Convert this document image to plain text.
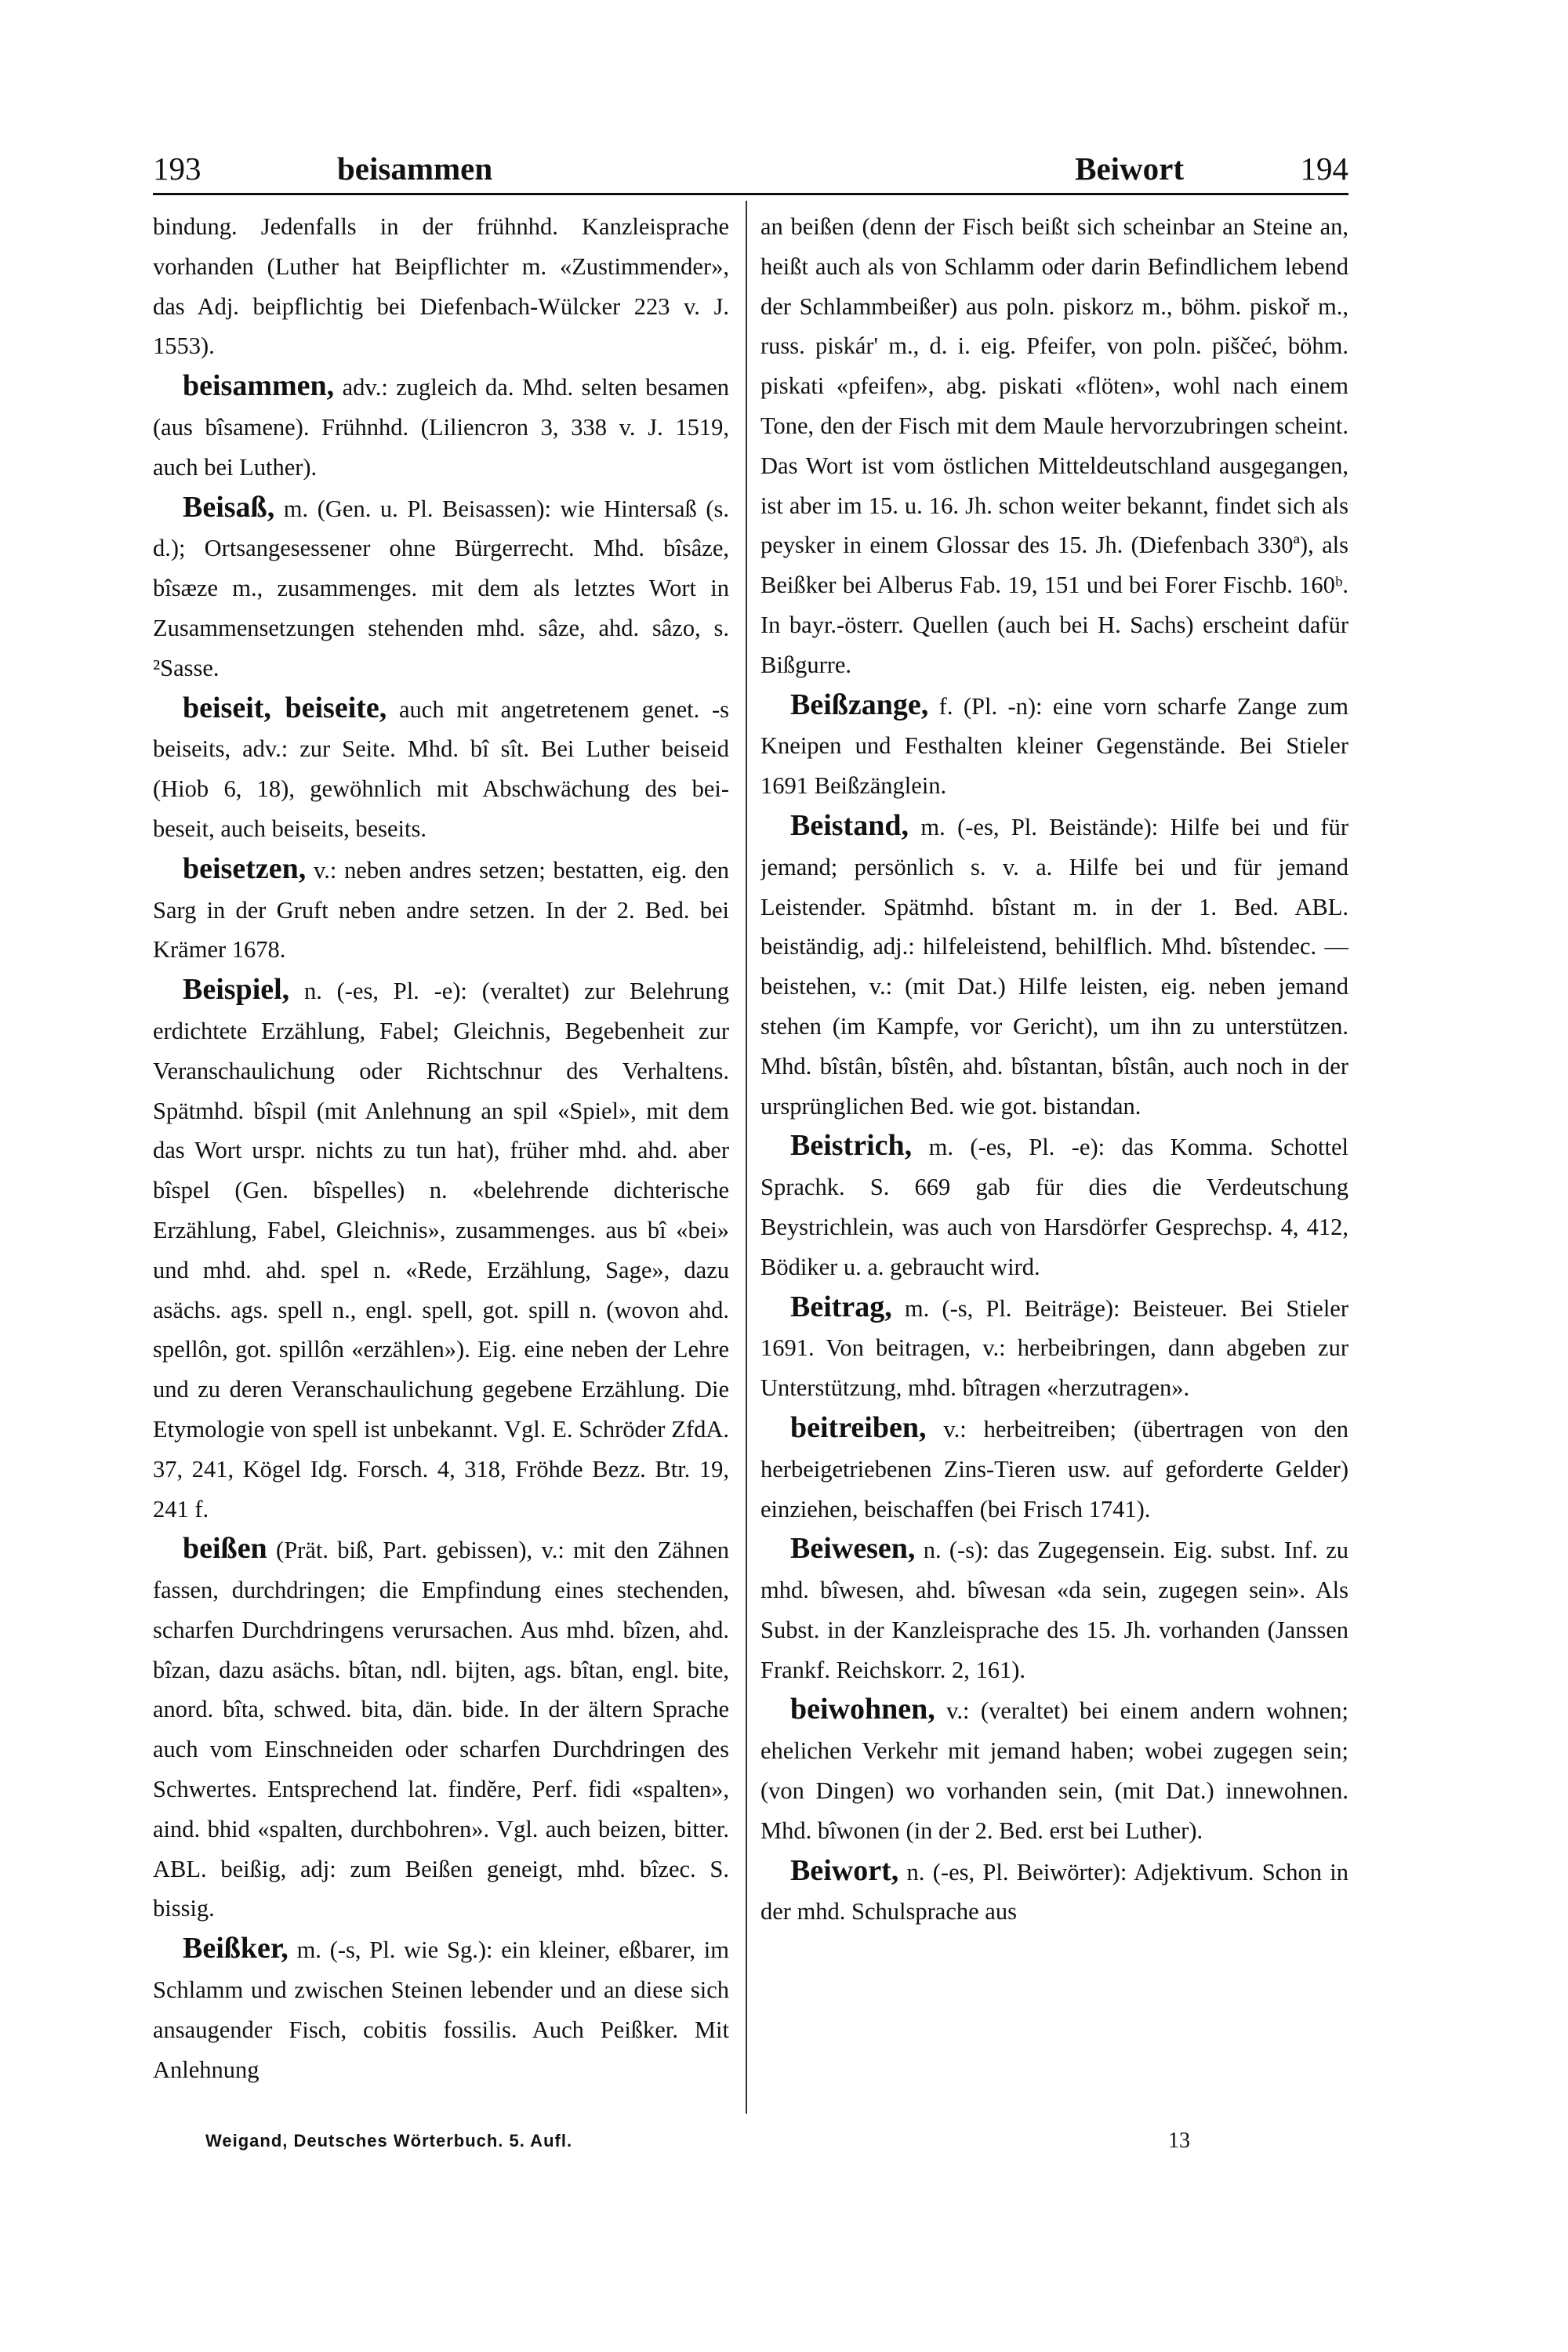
193	beisammen	Beiwort	194

bindung. Jedenfalls in der frühnhd. Kanzleisprache vorhanden (Luther hat Beipflichter m. «Zustimmender», das Adj. beipflichtig bei Diefenbach-Wülcker 223 v. J. 1553).

beisammen, adv.: zugleich da. Mhd. selten besamen (aus bîsamene). Frühnhd. (Liliencron 3, 338 v. J. 1519, auch bei Luther).

Beisaß, m. (Gen. u. Pl. Beisassen): wie Hintersaß (s. d.); Ortsangesessener ohne Bürgerrecht. Mhd. bîsâze, bîsæze m., zusammenges. mit dem als letztes Wort in Zusammensetzungen stehenden mhd. sâze, ahd. sâzo, s. ²Sasse.

beiseit, beiseite, auch mit angetretenem genet. -s beiseits, adv.: zur Seite. Mhd. bî sît. Bei Luther beiseid (Hiob 6, 18), gewöhnlich mit Abschwächung des bei- beseit, auch beiseits, beseits.

beisetzen, v.: neben andres setzen; bestatten, eig. den Sarg in der Gruft neben andre setzen. In der 2. Bed. bei Krämer 1678.

Beispiel, n. (-es, Pl. -e): (veraltet) zur Belehrung erdichtete Erzählung, Fabel; Gleichnis, Begebenheit zur Veranschaulichung oder Richtschnur des Verhaltens. Spätmhd. bîspil (mit Anlehnung an spil «Spiel», mit dem das Wort urspr. nichts zu tun hat), früher mhd. ahd. aber bîspel (Gen. bîspelles) n. «belehrende dichterische Erzählung, Fabel, Gleichnis», zusammenges. aus bî «bei» und mhd. ahd. spel n. «Rede, Erzählung, Sage», dazu asächs. ags. spell n., engl. spell, got. spill n. (wovon ahd. spellôn, got. spillôn «erzählen»). Eig. eine neben der Lehre und zu deren Veranschaulichung gegebene Erzählung. Die Etymologie von spell ist unbekannt. Vgl. E. Schröder ZfdA. 37, 241, Kögel Idg. Forsch. 4, 318, Fröhde Bezz. Btr. 19, 241 f.

beißen (Prät. biß, Part. gebissen), v.: mit den Zähnen fassen, durchdringen; die Empfindung eines stechenden, scharfen Durchdringens verursachen. Aus mhd. bîzen, ahd. bîzan, dazu asächs. bîtan, ndl. bijten, ags. bîtan, engl. bite, anord. bîta, schwed. bita, dän. bide. In der ältern Sprache auch vom Einschneiden oder scharfen Durchdringen des Schwertes. Entsprechend lat. findĕre, Perf. fidi «spalten», aind. bhid «spalten, durchbohren». Vgl. auch beizen, bitter. ABL. beißig, adj: zum Beißen geneigt, mhd. bîzec. S. bissig.

Beißker, m. (-s, Pl. wie Sg.): ein kleiner, eßbarer, im Schlamm und zwischen Steinen lebender und an diese sich ansaugender Fisch, cobitis fossilis. Auch Peißker. Mit Anlehnung

an beißen (denn der Fisch beißt sich scheinbar an Steine an, heißt auch als von Schlamm oder darin Befindlichem lebend der Schlammbeißer) aus poln. piskorz m., böhm. piskoř m., russ. piskár' m., d. i. eig. Pfeifer, von poln. piščeć, böhm. piskati «pfeifen», abg. piskati «flöten», wohl nach einem Tone, den der Fisch mit dem Maule hervorzubringen scheint. Das Wort ist vom östlichen Mitteldeutschland ausgegangen, ist aber im 15. u. 16. Jh. schon weiter bekannt, findet sich als peysker in einem Glossar des 15. Jh. (Diefenbach 330ª), als Beißker bei Alberus Fab. 19, 151 und bei Forer Fischb. 160ᵇ. In bayr.-österr. Quellen (auch bei H. Sachs) erscheint dafür Bißgurre.

Beißzange, f. (Pl. -n): eine vorn scharfe Zange zum Kneipen und Festhalten kleiner Gegenstände. Bei Stieler 1691 Beißzänglein.

Beistand, m. (-es, Pl. Beistände): Hilfe bei und für jemand; persönlich s. v. a. Hilfe bei und für jemand Leistender. Spätmhd. bîstant m. in der 1. Bed. ABL. beiständig, adj.: hilfeleistend, behilflich. Mhd. bîstendec. — beistehen, v.: (mit Dat.) Hilfe leisten, eig. neben jemand stehen (im Kampfe, vor Gericht), um ihn zu unterstützen. Mhd. bîstân, bîstên, ahd. bîstantan, bîstân, auch noch in der ursprünglichen Bed. wie got. bistandan.

Beistrich, m. (-es, Pl. -e): das Komma. Schottel Sprachk. S. 669 gab für dies die Verdeutschung Beystrichlein, was auch von Harsdörfer Gesprechsp. 4, 412, Bödiker u. a. gebraucht wird.

Beitrag, m. (-s, Pl. Beiträge): Beisteuer. Bei Stieler 1691. Von beitragen, v.: herbeibringen, dann abgeben zur Unterstützung, mhd. bîtragen «herzutragen».

beitreiben, v.: herbeitreiben; (übertragen von den herbeigetriebenen Zins-Tieren usw. auf geforderte Gelder) einziehen, beischaffen (bei Frisch 1741).

Beiwesen, n. (-s): das Zugegensein. Eig. subst. Inf. zu mhd. bîwesen, ahd. bîwesan «da sein, zugegen sein». Als Subst. in der Kanzleisprache des 15. Jh. vorhanden (Janssen Frankf. Reichskorr. 2, 161).

beiwohnen, v.: (veraltet) bei einem andern wohnen; ehelichen Verkehr mit jemand haben; wobei zugegen sein; (von Dingen) wo vorhanden sein, (mit Dat.) innewohnen. Mhd. bîwonen (in der 2. Bed. erst bei Luther).

Beiwort, n. (-es, Pl. Beiwörter): Adjektivum. Schon in der mhd. Schulsprache aus

Weigand, Deutsches Wörterbuch. 5. Aufl.	13
